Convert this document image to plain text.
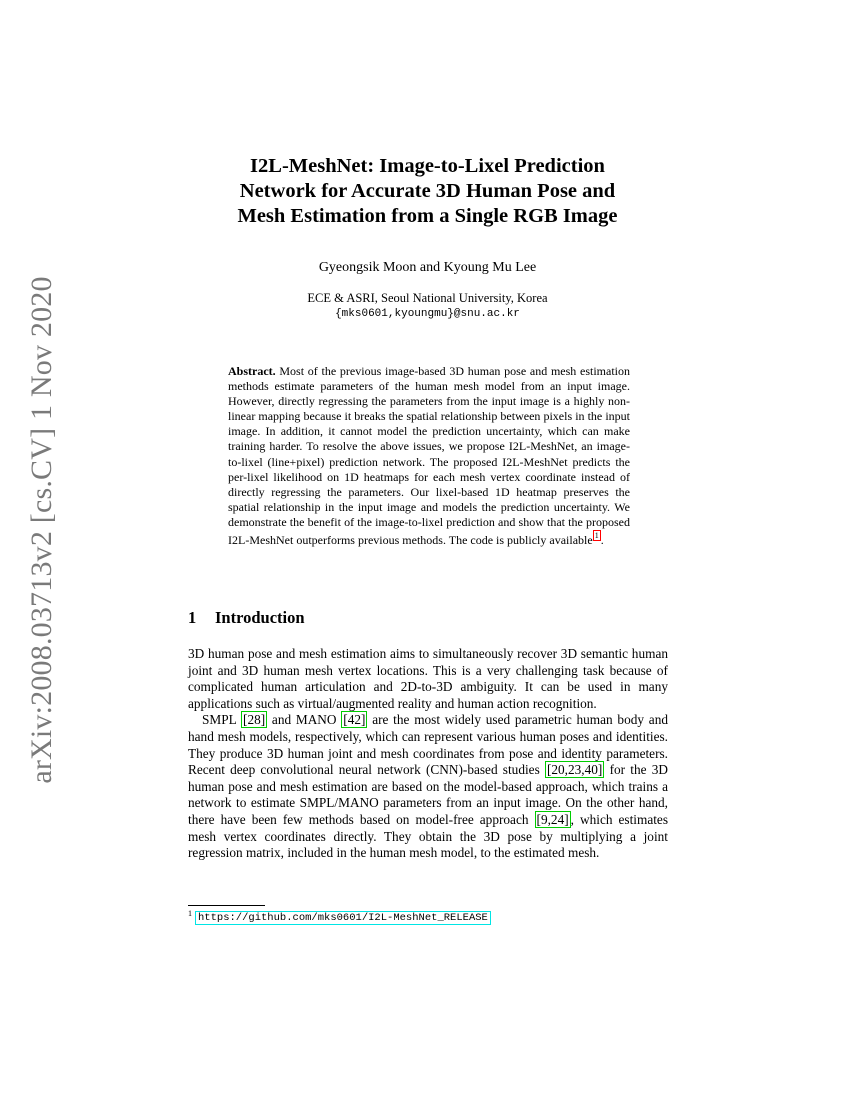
arXiv:2008.03713v2 [cs.CV] 1 Nov 2020
I2L-MeshNet: Image-to-Lixel Prediction
Network for Accurate 3D Human Pose and
Mesh Estimation from a Single RGB Image
Gyeongsik Moon and Kyoung Mu Lee
ECE & ASRI, Seoul National University, Korea
{mks0601,kyoungmu}@snu.ac.kr
Abstract. Most of the previous image-based 3D human pose and mesh estimation methods estimate parameters of the human mesh model from an input image. However, directly regressing the parameters from the input image is a highly non-linear mapping because it breaks the spatial relationship between pixels in the input image. In addition, it cannot model the prediction uncertainty, which can make training harder. To resolve the above issues, we propose I2L-MeshNet, an image-to-lixel (line+pixel) prediction network. The proposed I2L-MeshNet predicts the per-lixel likelihood on 1D heatmaps for each mesh vertex coordinate instead of directly regressing the parameters. Our lixel-based 1D heatmap preserves the spatial relationship in the input image and models the prediction uncertainty. We demonstrate the benefit of the image-to-lixel prediction and show that the proposed I2L-MeshNet outperforms previous methods. The code is publicly available 1 .
1 Introduction

3D human pose and mesh estimation aims to simultaneously recover 3D semantic human joint and 3D human mesh vertex locations. This is a very challenging task because of complicated human articulation and 2D-to-3D ambiguity. It can be used in many applications such as virtual/augmented reality and human action recognition.

SMPL [28] and MANO [42] are the most widely used parametric human body and hand mesh models, respectively, which can represent various human poses and identities. They produce 3D human joint and mesh coordinates from pose and identity parameters. Recent deep convolutional neural network (CNN)-based studies [20,23,40] for the 3D human pose and mesh estimation are based on the model-based approach, which trains a network to estimate SMPL/MANO parameters from an input image. On the other hand, there have been few methods based on model-free approach [9,24] , which estimates mesh vertex coordinates directly. They obtain the 3D pose by multiplying a joint regression matrix, included in the human mesh model, to the estimated mesh.

$^1$ https://github.com/mks0601/I2L-MeshNet_RELEASE
